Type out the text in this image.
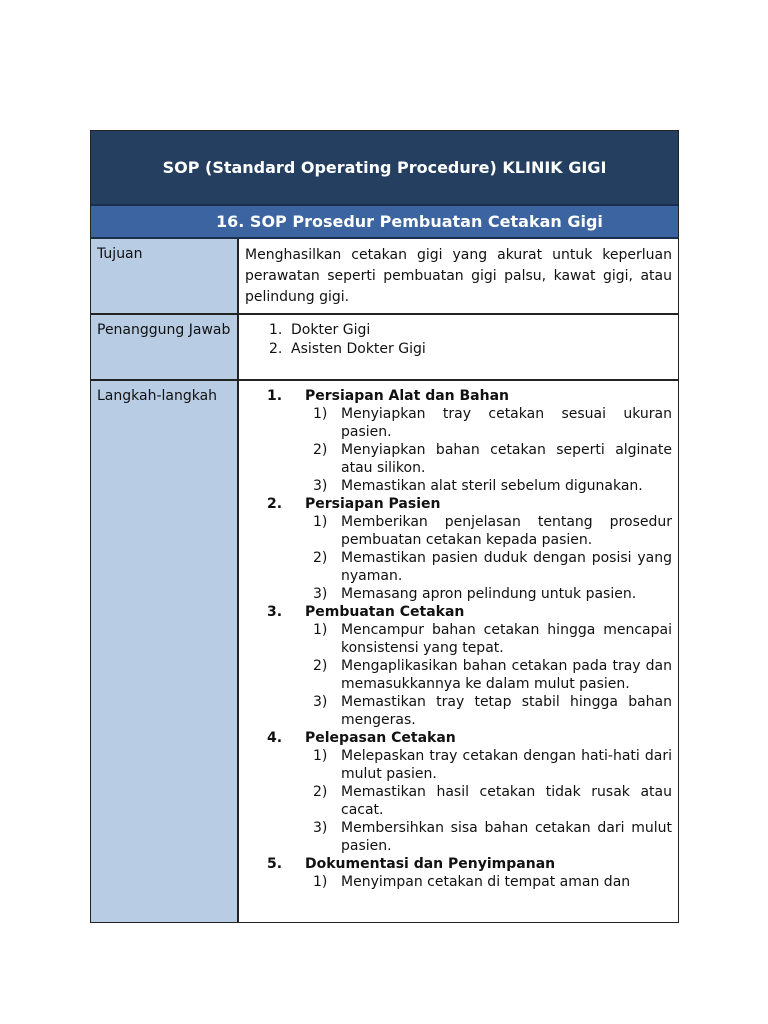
SOP (Standard Operating Procedure) KLINIK GIGI
16. SOP Prosedur Pembuatan Cetakan Gigi
Tujuan	Menghasilkan cetakan gigi yang akurat untuk keperluan perawatan seperti pembuatan gigi palsu, kawat gigi, atau pelindung gigi.
Penanggung Jawab	1. Dokter Gigi
2. Asisten Dokter Gigi
Langkah-langkah	1.	Persiapan Alat dan Bahan
1) Menyiapkan tray cetakan sesuai ukuran pasien.
2) Menyiapkan bahan cetakan seperti alginate atau silikon.
3) Memastikan alat steril sebelum digunakan.
2.	Persiapan Pasien
1) Memberikan penjelasan tentang prosedur pembuatan cetakan kepada pasien.
2) Memastikan pasien duduk dengan posisi yang nyaman.
3) Memasang apron pelindung untuk pasien.
3.	Pembuatan Cetakan
1) Mencampur bahan cetakan hingga mencapai konsistensi yang tepat.
2) Mengaplikasikan bahan cetakan pada tray dan memasukkannya ke dalam mulut pasien.
3) Memastikan tray tetap stabil hingga bahan mengeras.
4.	Pelepasan Cetakan
1) Melepaskan tray cetakan dengan hati-hati dari mulut pasien.
2) Memastikan hasil cetakan tidak rusak atau cacat.
3) Membersihkan sisa bahan cetakan dari mulut pasien.
5.	Dokumentasi dan Penyimpanan
1) Menyimpan cetakan di tempat aman dan
